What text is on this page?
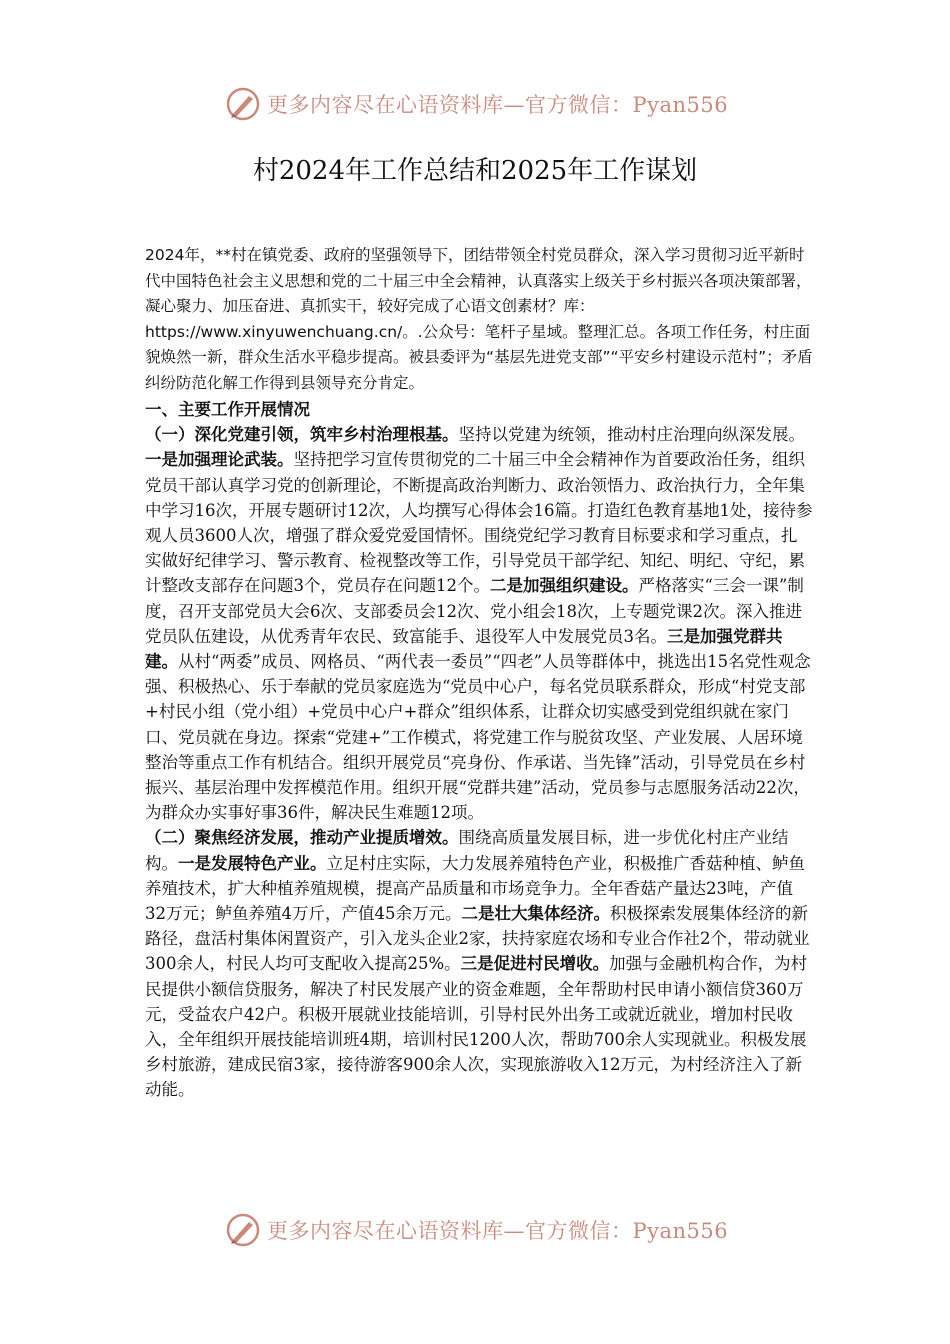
更多内容尽在心语资料库—官方微信：Pyan556
村2024年工作总结和2025年工作谋划

2024年，**村在镇党委、政府的坚强领导下，团结带领全村党员群众，深入学习贯彻习近平新时代中国特色社会主义思想和党的二十届三中全会精神，认真落实上级关于乡村振兴各项决策部署，凝心聚力、加压奋进、真抓实干，较好完成了心语文创素材？库：https://www.xinyuwenchuang.cn/。.公众号：笔杆子星域。整理汇总。各项工作任务，村庄面貌焕然一新，群众生活水平稳步提高。被县委评为“基层先进党支部”“平安乡村建设示范村”；矛盾纠纷防范化解工作得到县领导充分肯定。

一、主要工作开展情况

（一）深化党建引领，筑牢乡村治理根基。坚持以党建为统领，推动村庄治理向纵深发展。一是加强理论武装。坚持把学习宣传贯彻党的二十届三中全会精神作为首要政治任务，组织党员干部认真学习党的创新理论，不断提高政治判断力、政治领悟力、政治执行力，全年集中学习16次，开展专题研讨12次，人均撰写心得体会16篇。打造红色教育基地1处，接待参观人员3600人次，增强了群众爱党爱国情怀。围绕党纪学习教育目标要求和学习重点，扎实做好纪律学习、警示教育、检视整改等工作，引导党员干部学纪、知纪、明纪、守纪，累计整改支部存在问题3个，党员存在问题12个。二是加强组织建设。严格落实“三会一课”制度，召开支部党员大会6次、支部委员会12次、党小组会18次，上专题党课2次。深入推进党员队伍建设，从优秀青年农民、致富能手、退役军人中发展党员3名。三是加强党群共建。从村“两委”成员、网格员、“两代表一委员”“四老”人员等群体中，挑选出15名党性观念强、积极热心、乐于奉献的党员家庭选为“党员中心户，每名党员联系群众，形成“村党支部+村民小组（党小组）+党员中心户+群众”组织体系，让群众切实感受到党组织就在家门口、党员就在身边。探索“党建+”工作模式，将党建工作与脱贫攻坚、产业发展、人居环境整治等重点工作有机结合。组织开展党员“亮身份、作承诺、当先锋”活动，引导党员在乡村振兴、基层治理中发挥模范作用。组织开展“党群共建”活动，党员参与志愿服务活动22次，为群众办实事好事36件，解决民生难题12项。

（二）聚焦经济发展，推动产业提质增效。围绕高质量发展目标，进一步优化村庄产业结构。一是发展特色产业。立足村庄实际，大力发展养殖特色产业，积极推广香菇种植、鲈鱼养殖技术，扩大种植养殖规模，提高产品质量和市场竞争力。全年香菇产量达23吨，产值32万元；鲈鱼养殖4万斤，产值45余万元。二是壮大集体经济。积极探索发展集体经济的新路径，盘活村集体闲置资产，引入龙头企业2家，扶持家庭农场和专业合作社2个，带动就业300余人，村民人均可支配收入提高25%。三是促进村民增收。加强与金融机构合作，为村民提供小额信贷服务，解决了村民发展产业的资金难题，全年帮助村民申请小额信贷360万元，受益农户42户。积极开展就业技能培训，引导村民外出务工或就近就业，增加村民收入，全年组织开展技能培训班4期，培训村民1200人次，帮助700余人实现就业。积极发展乡村旅游，建成民宿3家，接待游客900余人次，实现旅游收入12万元，为村经济注入了新动能。

更多内容尽在心语资料库—官方微信：Pyan556
